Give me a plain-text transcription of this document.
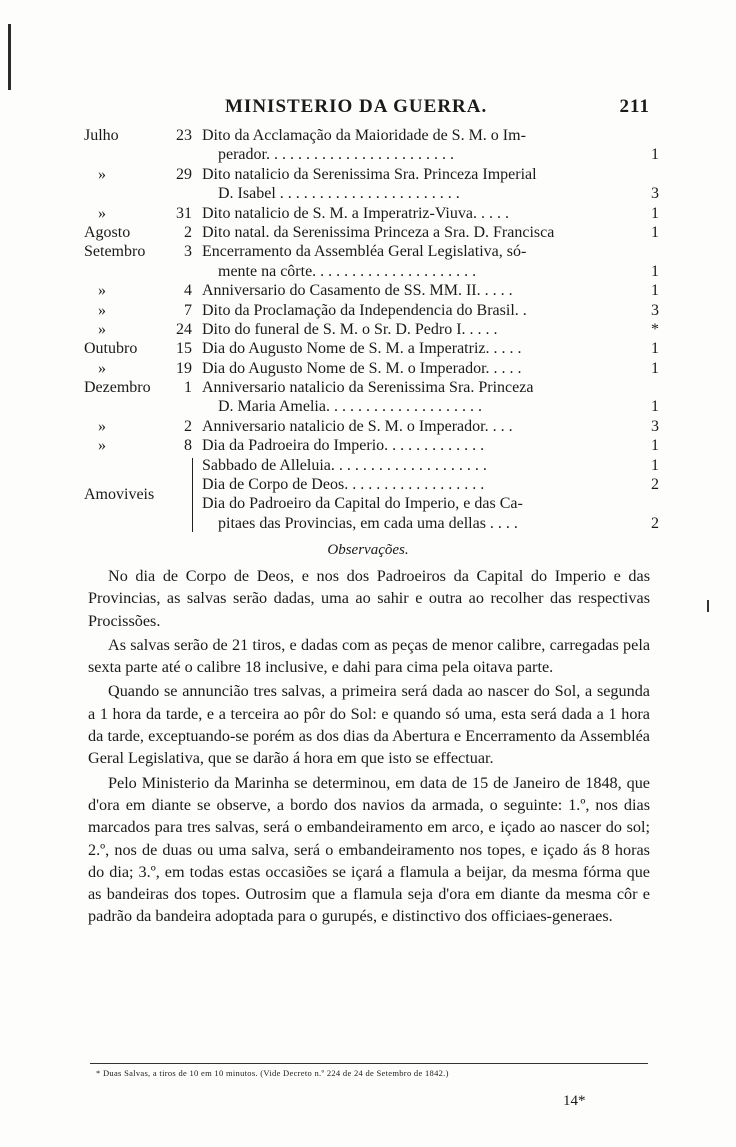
MINISTERIO DA GUERRA.	211
Julho	23 Dito da Acclamação da Maioridade de S. M. o Im-
perador. . . . . . . . . . . . . . . . . . . . . . . .	1
»	29 Dito natalicio da Serenissima Sra. Princeza Imperial
D. Isabel . . . . . . . . . . . . . . . . . . . . . . .	3
»	31 Dito natalicio de S. M. a Imperatriz-Viuva. . . . .	1
Agosto	2 Dito natal. da Serenissima Princeza a Sra. D. Francisca	1
Setembro	3 Encerramento da Assembléa Geral Legislativa, só-
mente na côrte. . . . . . . . . . . . . . . . . . . . .	1
»	4 Anniversario do Casamento de SS. MM. II. . . . .	1
»	7 Dito da Proclamação da Independencia do Brasil. .	3
»	24 Dito do funeral de S. M. o Sr. D. Pedro I. . . . .	*
Outubro	15 Dia do Augusto Nome de S. M. a Imperatriz. . . . .	1
»	19 Dia do Augusto Nome de S. M. o Imperador. . . . .	1
Dezembro	1 Anniversario natalicio da Serenissima Sra. Princeza
D. Maria Amelia. . . . . . . . . . . . . . . . . . . .	1
»	2 Anniversario natalicio de S. M. o Imperador. . . .	3
»	8 Dia da Padroeira do Imperio. . . . . . . . . . . . .	1
Amoviveis
Sabbado de Alleluia. . . . . . . . . . . . . . . . . . . .	1
Dia de Corpo de Deos. . . . . . . . . . . . . . . . . .	2
Dia do Padroeiro da Capital do Imperio, e das Ca-
pitaes das Provincias, em cada uma dellas . . . .	2
Observações.

No dia de Corpo de Deos, e nos dos Padroeiros da Capital do Imperio e das Provincias, as salvas serão dadas, uma ao sahir e outra ao recolher das respectivas Procissões.

As salvas serão de 21 tiros, e dadas com as peças de menor calibre, carregadas pela sexta parte até o calibre 18 inclusive, e dahi para cima pela oitava parte.

Quando se annuncião tres salvas, a primeira será dada ao nascer do Sol, a segunda a 1 hora da tarde, e a terceira ao pôr do Sol: e quando só uma, esta será dada a 1 hora da tarde, exceptuando-se porém as dos dias da Abertura e Encerramento da Assembléa Geral Legislativa, que se darão á hora em que isto se effectuar.

Pelo Ministerio da Marinha se determinou, em data de 15 de Janeiro de 1848, que d'ora em diante se observe, a bordo dos navios da armada, o seguinte: 1.º, nos dias marcados para tres salvas, será o embandeiramento em arco, e içado ao nascer do sol; 2.º, nos de duas ou uma salva, será o embandeiramento nos topes, e içado ás 8 horas do dia; 3.º, em todas estas occasiões se içará a flamula a beijar, da mesma fórma que as bandeiras dos topes. Outrosim que a flamula seja d'ora em diante da mesma côr e padrão da bandeira adoptada para o gurupés, e distinctivo dos officiaes-generaes.

* Duas Salvas, a tiros de 10 em 10 minutos. (Vide Decreto n.º 224 de 24 de Setembro de 1842.)
14*
